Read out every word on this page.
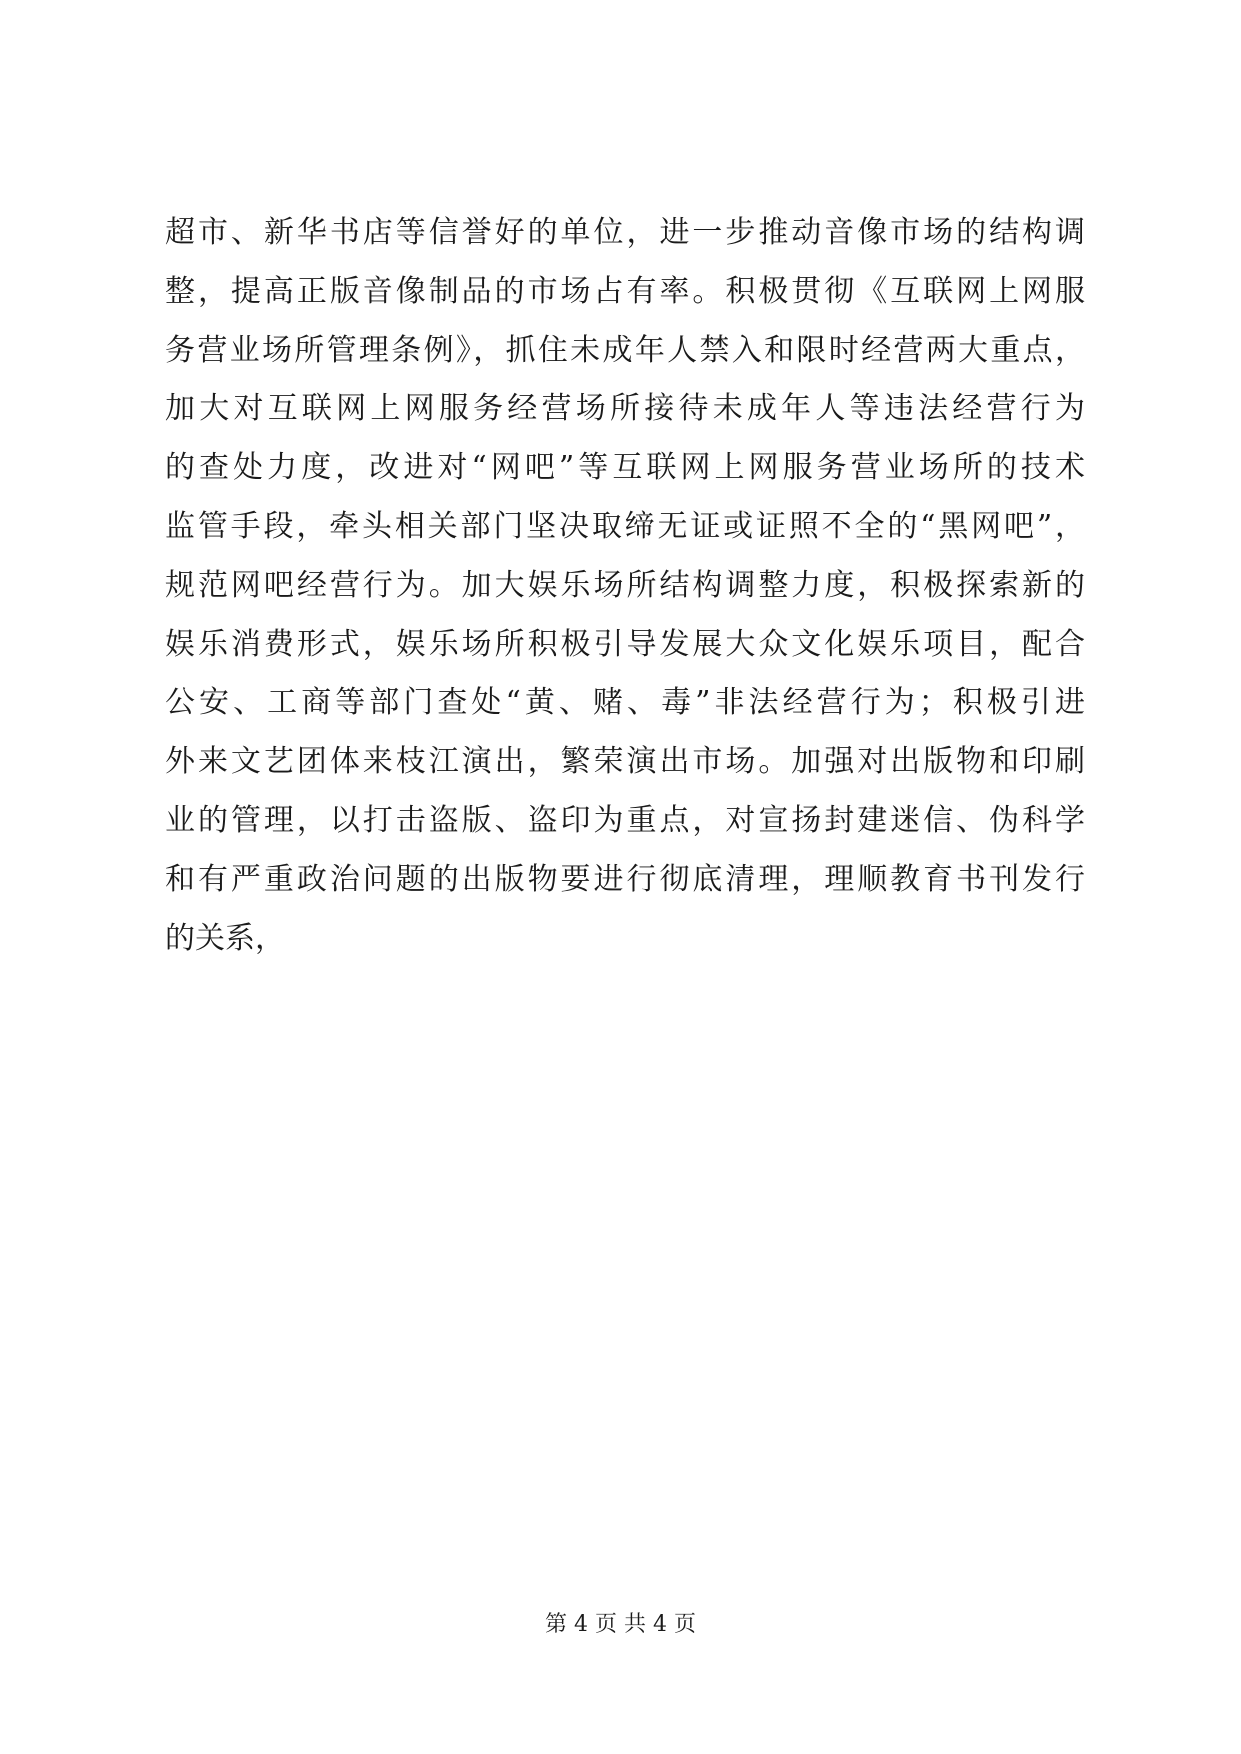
超市、新华书店等信誉好的单位，进一步推动音像市场的结构调
整，提高正版音像制品的市场占有率。积极贯彻《互联网上网服
务营业场所管理条例》，抓住未成年人禁入和限时经营两大重点，
加大对互联网上网服务经营场所接待未成年人等违法经营行为
的查处力度，改进对“网吧”等互联网上网服务营业场所的技术
监管手段，牵头相关部门坚决取缔无证或证照不全的“黑网吧”，
规范网吧经营行为。加大娱乐场所结构调整力度，积极探索新的
娱乐消费形式，娱乐场所积极引导发展大众文化娱乐项目，配合
公安、工商等部门查处“黄、赌、毒”非法经营行为；积极引进
外来文艺团体来枝江演出，繁荣演出市场。加强对出版物和印刷
业的管理，以打击盗版、盗印为重点，对宣扬封建迷信、伪科学
和有严重政治问题的出版物要进行彻底清理，理顺教育书刊发行
的关系，
第 4 页 共 4 页
